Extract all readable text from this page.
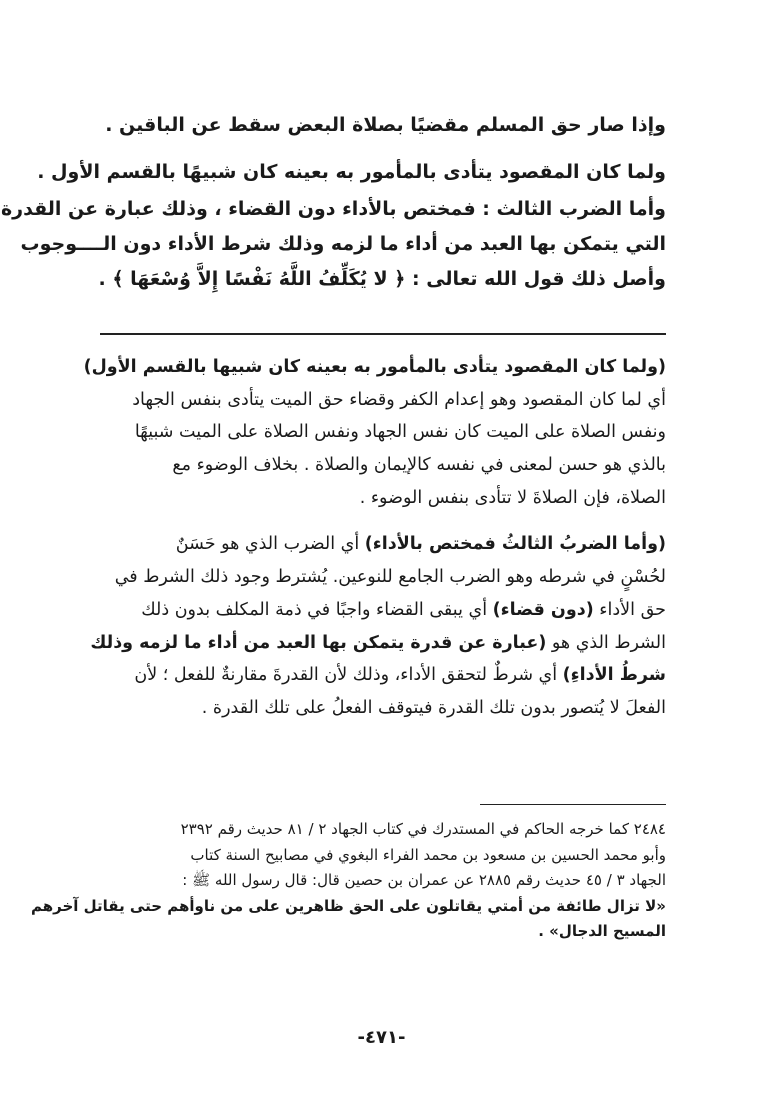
وإذا صار حق المسلم مقضيًا بصلاة البعض سقط عن الباقين .
ولما كان المقصود يتأدى بالمأمور به بعينه كان شبيهًا بالقسم الأول .
وأما الضرب الثالث : فمختص بالأداء دون القضاء ، وذلك عبارة عن القدرة
التي يتمكن بها العبد من أداء ما لزمه وذلك شرط الأداء دون الــــوجوب
وأصل ذلك قول الله تعالى : ﴿ لا يُكَلِّفُ اللَّهُ نَفْسًا إِلاَّ وُسْعَهَا ﴾ .
(ولما كان المقصود يتأدى بالمأمور به بعينه كان شبيها بالقسم الأول)
أي لما كان المقصود وهو إعدام الكفر وقضاء حق الميت يتأدى بنفس الجهاد
ونفس الصلاة على الميت كان نفس الجهاد ونفس الصلاة على الميت شبيهًا
بالذي هو حسن لمعنى في نفسه كالإيمان والصلاة . بخلاف الوضوء مع
الصلاة، فإن الصلاةَ لا تتأدى بنفس الوضوء .
(وأما الضربُ الثالثُ فمختص بالأداء) أي الضرب الذي هو حَسَنٌ
لحُسْنٍ في شرطه وهو الضرب الجامع للنوعين. يُشترط وجود ذلك الشرط في
حق الأداء (دون قضاء) أي يبقى القضاء واجبًا في ذمة المكلف بدون ذلك
الشرط الذي هو (عبارة عن قدرة يتمكن بها العبد من أداء ما لزمه وذلك
شرطُ الأداءِ) أي شرطٌ لتحقق الأداء، وذلك لأن القدرةَ مقارنةٌ للفعل ؛ لأن
الفعلَ لا يُتصور بدون تلك القدرة فيتوقف الفعلُ على تلك القدرة .
٢٤٨٤ كما خرجه الحاكم في المستدرك في كتاب الجهاد ٢ / ٨١ حديث رقم ٢٣٩٢
وأبو محمد الحسين بن مسعود بن محمد الفراء البغوي في مصابيح السنة كتاب
الجهاد ٣ / ٤٥ حديث رقم ٢٨٨٥ عن عمران بن حصين قال: قال رسول الله ﷺ :
«لا تزال طائفة من أمتي يقاتلون على الحق ظاهرين على من ناوأهم حتى يقاتل آخرهم
المسيح الدجال» .
-٤٧١-
